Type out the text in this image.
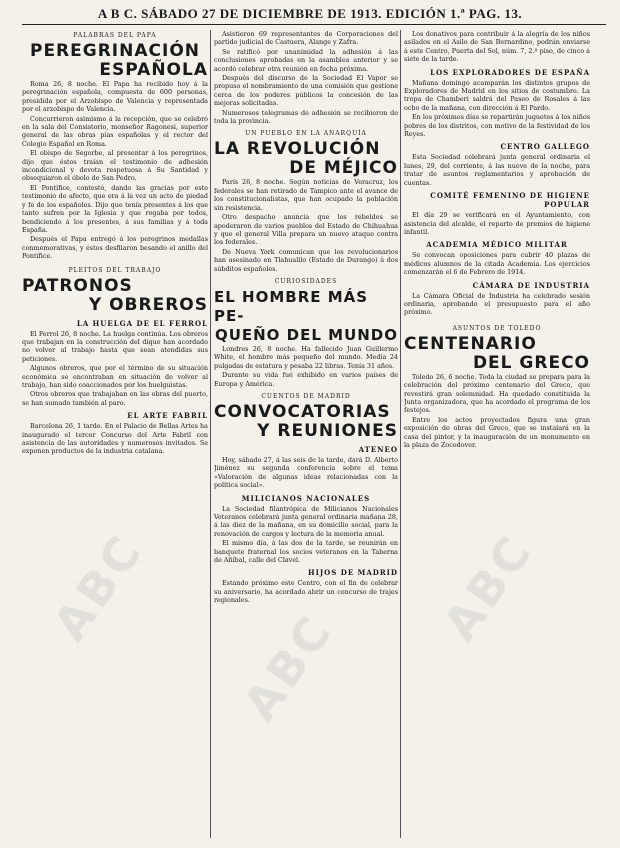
A B C. SÁBADO 27 DE DICIEMBRE DE 1913. EDICIÓN 1.ª PAG. 13.
ABC
ABC
ABC
PALABRAS DEL PAPA
PEREGRINACIÓN
ESPAÑOLA

Roma 26, 8 noche. El Papa ha recibido hoy á la peregrinación española, compuesta de 600 personas, presidida por el Arzobispo de Valencia y representada por el arzobispo de Valencia.

Concurrieron asimismo á la recepción, que se celebró en la sala del Consistorio, monseñor Ragonesi, superior general de las obras pías españolas y el rector del Colegio Español en Roma.

El obispo de Segorbe, al presentar á los peregrinos, dijo que éstos traían el testimonio de adhesión incondicional y devota respetuosa á Su Santidad y obsequiaron el óbolo de San Pedro.

El Pontífice, contestó, dando las gracias por este testimonio de afecto, que era á la vez un acto de piedad y fe de los españoles. Dijo que tenía presentes á los que tanto sufren por la Iglesia y que rogaba por todos, bendiciendo á los presentes, á sus familias y á toda España.

Después el Papa entregó á los peregrinos medallas conmemorativas, y éstos desfilaron besando el anillo del Pontífice.

PLEITOS DEL TRABAJO
PATRONOS
Y OBREROS
LA HUELGA DE EL FERROL

El Ferrol 26, 8 noche. La huelga continúa. Los obreros que trabajan en la construcción del dique han acordado no volver al trabajo hasta que sean atendidas sus peticiones.

Algunos obreros, que por el término de su situación económica se encontraban en situación de volver al trabajo, han sido coaccionados por los huelguistas.

Otros obreros que trabajaban en las obras del puerto, se han sumado también al paro.

EL ARTE FABRIL

Barcelona 26, 1 tarde. En el Palacio de Bellas Artes ha inaugurado el tercer Concurso del Arte Fabril con asistencia de las autoridades y numerosos invitados. Se exponen productos de la industria catalana.

Asistieron 69 representantes de Corporaciones del partido judicial de Castuera, Alange y Zafra.

Se ratificó por unanimidad la adhesión á las conclusiones aprobadas en la asamblea anterior y se acordó celebrar otra reunión en fecha próxima.

Después del discurso de la Sociedad El Vapor se propuso el nombramiento de una comisión que gestione cerca de los poderes públicos la concesión de las mejoras solicitadas.

Numerosos telegramas de adhesión se recibieron de toda la provincia.

UN PUEBLO EN LA ANARQUÍA
LA REVOLUCIÓN
DE MÉJICO

París 26, 8 noche. Según noticias de Veracruz, los federales se han retirado de Tampico ante el avance de los constitucionalistas, que han ocupado la población sin resistencia.

Otro despacho anuncia que los rebeldes se apoderaron de varios pueblos del Estado de Chihuahua y que el general Villa prepara un nuevo ataque contra los federales.

De Nueva York comunican que los revolucionarios han asesinado en Tlahualilo (Estado de Durango) á dos súbditos españoles.

CURIOSIDADES
EL HOMBRE MÁS PE-
QUEÑO DEL MUNDO

Londres 26, 8 noche. Ha fallecido Juan Guillermo White, el hombre más pequeño del mundo. Medía 24 pulgadas de estatura y pesaba 22 libras. Tenía 31 años.

Durante su vida fué exhibido en varios países de Europa y América.

CUENTOS DE MADRID
CONVOCATORIAS
Y REUNIONES
ATENEO

Hoy, sábado 27, á las seis de la tarde, dará D. Alberto Jiménez su segunda conferencia sobre el tema «Valoración de algunas ideas relacionadas con la política social».

MILICIANOS NACIONALES

La Sociedad filantrópica de Milicianos Nacionales Veteranos celebrará junta general ordinaria mañana 28, á las diez de la mañana, en su domicilio social, para la renovación de cargos y lectura de la memoria anual.

El mismo día, á las dos de la tarde, se reunirán en banquete fraternal los socios veteranos en la Taberna de Añíbal, calle del Clavel.

HIJOS DE MADRID

Estando próximo este Centro, con el fin de celebrar su aniversario, ha acordado abrir un concurso de trajes regionales.

Los donativos para contribuir á la alegría de los niños asilados en el Asilo de San Bernardino, podrán enviarse á este Centro, Puerta del Sol, núm. 7, 2.º piso, de cinco á siete de la tarde.

LOS EXPLORADORES DE ESPAÑA

Mañana domingo acamparán los distintos grupos de Exploradores de Madrid en los sitios de costumbre. La tropa de Chamberí saldrá del Paseo de Rosales á las ocho de la mañana, con dirección á El Pardo.

En los próximos días se repartirán juguetes á los niños pobres de los distritos, con motivo de la festividad de los Reyes.

CENTRO GALLEGO

Esta Sociedad celebrará junta general ordinaria el lunes, 29, del corriente, á las nueve de la noche, para tratar de asuntos reglamentarios y aprobación de cuentas.

COMITÉ FEMENINO DE HIGIENE POPULAR

El día 29 se verificará en el Ayuntamiento, con asistencia del alcalde, el reparto de premios de higiene infantil.

ACADEMIA MÉDICO MILITAR

Se convocan oposiciones para cubrir 40 plazas de médicos alumnos de la citada Academia. Los ejercicios comenzarán el 6 de Febrero de 1914.

CÁMARA DE INDUSTRIA

La Cámara Oficial de Industria ha celebrado sesión ordinaria, aprobando el presupuesto para el año próximo.

ASUNTOS DE TOLEDO
CENTENARIO
DEL GRECO

Toledo 26, 6 noche. Toda la ciudad se prepara para la celebración del próximo centenario del Greco, que revestirá gran solemnidad. Ha quedado constituida la Junta organizadora, que ha acordado el programa de los festejos.

Entre los actos proyectados figura una gran exposición de obras del Greco, que se instalará en la casa del pintor, y la inauguración de un monumento en la plaza de Zocodover.
